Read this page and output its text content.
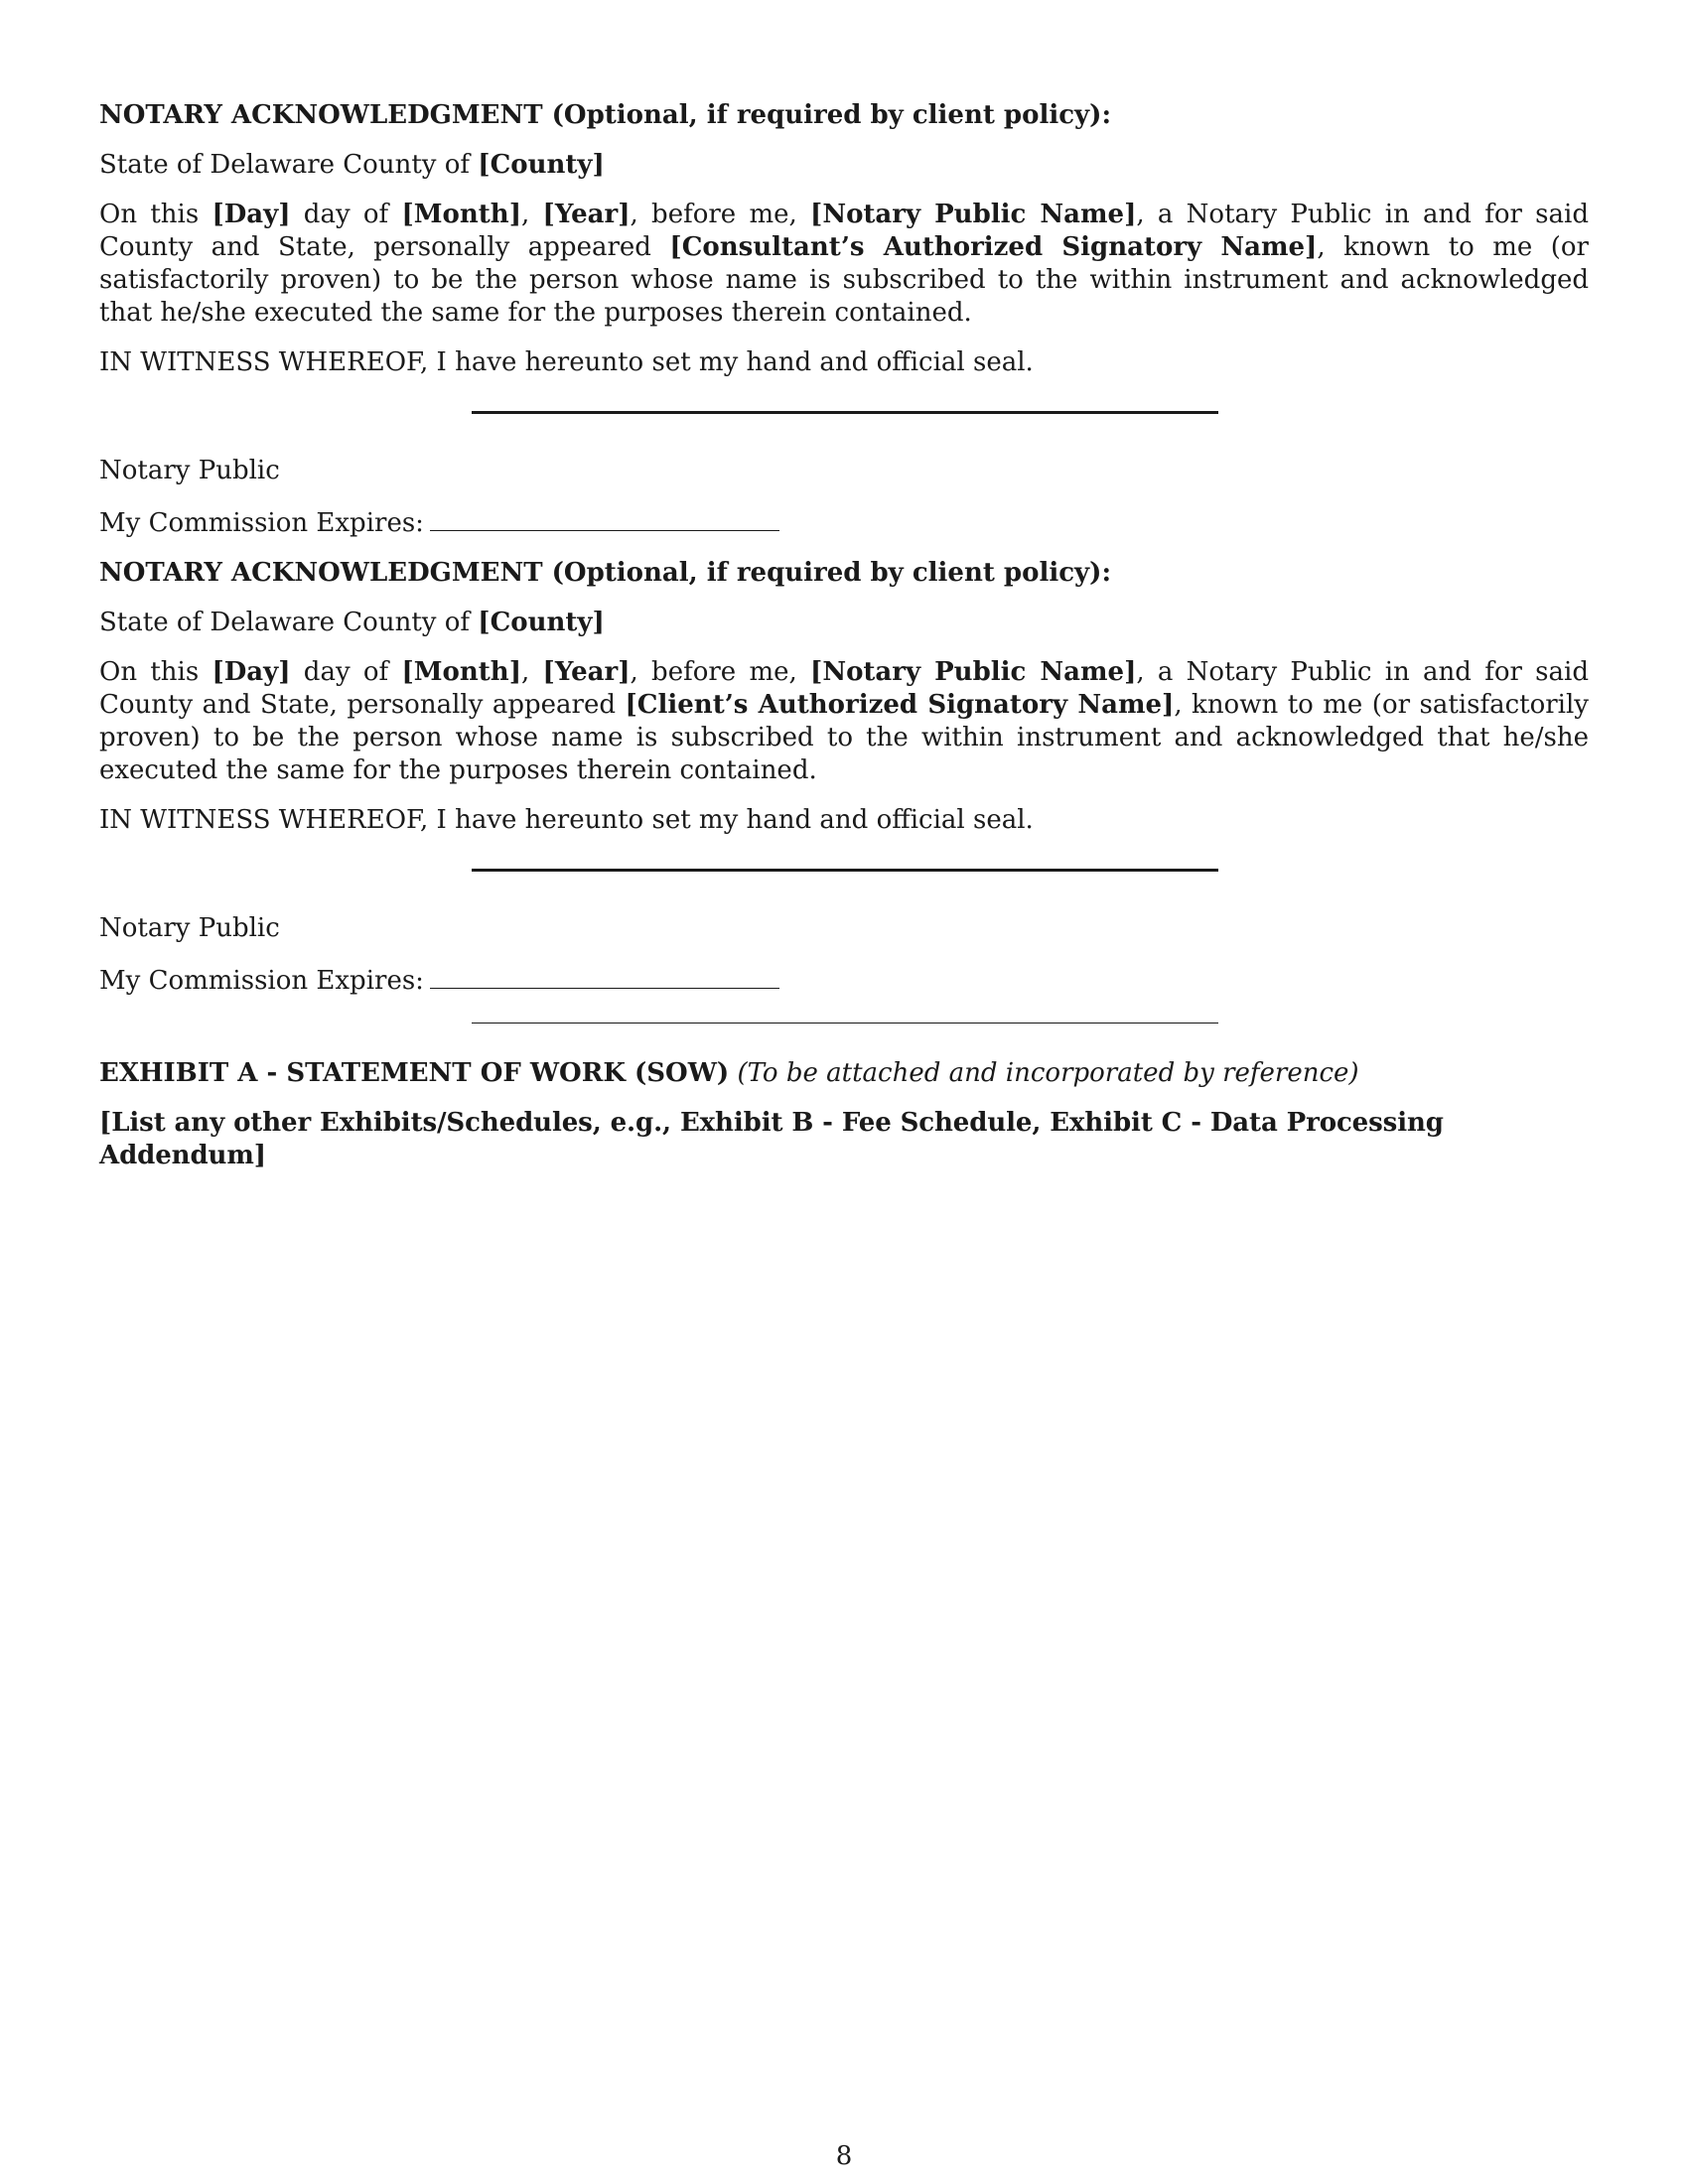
NOTARY ACKNOWLEDGMENT (Optional, if required by client policy):

State of Delaware County of [County]

On this [Day] day of [Month], [Year], before me, [Notary Public Name], a Notary Public in and for said County and State, personally appeared [Consultant’s Authorized Signatory Name], known to me (or satisfactorily proven) to be the person whose name is subscribed to the within instrument and acknowledged that he/she executed the same for the purposes therein contained.

IN WITNESS WHEREOF, I have hereunto set my hand and official seal.

Notary Public

My Commission Expires:

NOTARY ACKNOWLEDGMENT (Optional, if required by client policy):

State of Delaware County of [County]

On this [Day] day of [Month], [Year], before me, [Notary Public Name], a Notary Public in and for said County and State, personally appeared [Client’s Authorized Signatory Name], known to me (or satisfactorily proven) to be the person whose name is subscribed to the within instrument and acknowledged that he/she executed the same for the purposes therein contained.

IN WITNESS WHEREOF, I have hereunto set my hand and official seal.

Notary Public

My Commission Expires:

EXHIBIT A - STATEMENT OF WORK (SOW) (To be attached and incorporated by reference)

[List any other Exhibits/Schedules, e.g., Exhibit B - Fee Schedule, Exhibit C - Data Processing Addendum]

8
